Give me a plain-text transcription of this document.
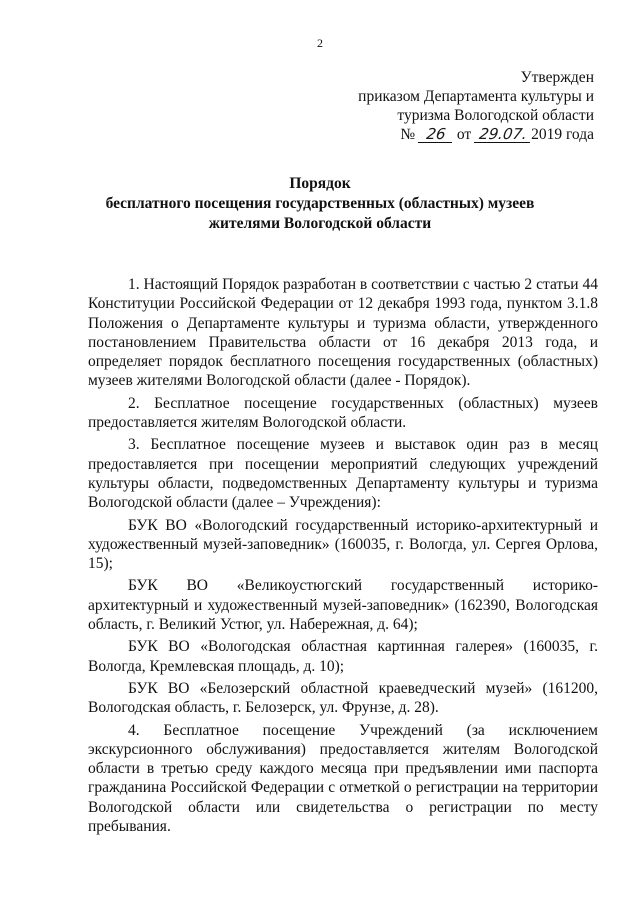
2
Утвержден
приказом Департамента культуры и
туризма Вологодской области
№ 26 от 29.07. 2019 года
Порядок
бесплатного посещения государственных (областных) музеев
жителями Вологодской области

1. Настоящий Порядок разработан в соответствии с частью 2 статьи 44 Конституции Российской Федерации от 12 декабря 1993 года, пунктом 3.1.8 Положения о Департаменте культуры и туризма области, утвержденного постановлением Правительства области от 16 декабря 2013 года, и определяет порядок бесплатного посещения государственных (областных) музеев жителями Вологодской области (далее - Порядок).

2. Бесплатное посещение государственных (областных) музеев предоставляется жителям Вологодской области.

3. Бесплатное посещение музеев и выставок один раз в месяц предоставляется при посещении мероприятий следующих учреждений культуры области, подведомственных Департаменту культуры и туризма Вологодской области (далее – Учреждения):

БУК ВО «Вологодский государственный историко-архитектурный и художественный музей-заповедник» (160035, г. Вологда, ул. Сергея Орлова, 15);

БУК ВО «Великоустюгский государственный историко-архитектурный и художественный музей-заповедник» (162390, Вологодская область, г. Великий Устюг, ул. Набережная, д. 64);

БУК ВО «Вологодская областная картинная галерея» (160035, г. Вологда, Кремлевская площадь, д. 10);

БУК ВО «Белозерский областной краеведческий музей» (161200, Вологодская область, г. Белозерск, ул. Фрунзе, д. 28).

4. Бесплатное посещение Учреждений (за исключением экскурсионного обслуживания) предоставляется жителям Вологодской области в третью среду каждого месяца при предъявлении ими паспорта гражданина Российской Федерации с отметкой о регистрации на территории Вологодской области или свидетельства о регистрации по месту пребывания.
